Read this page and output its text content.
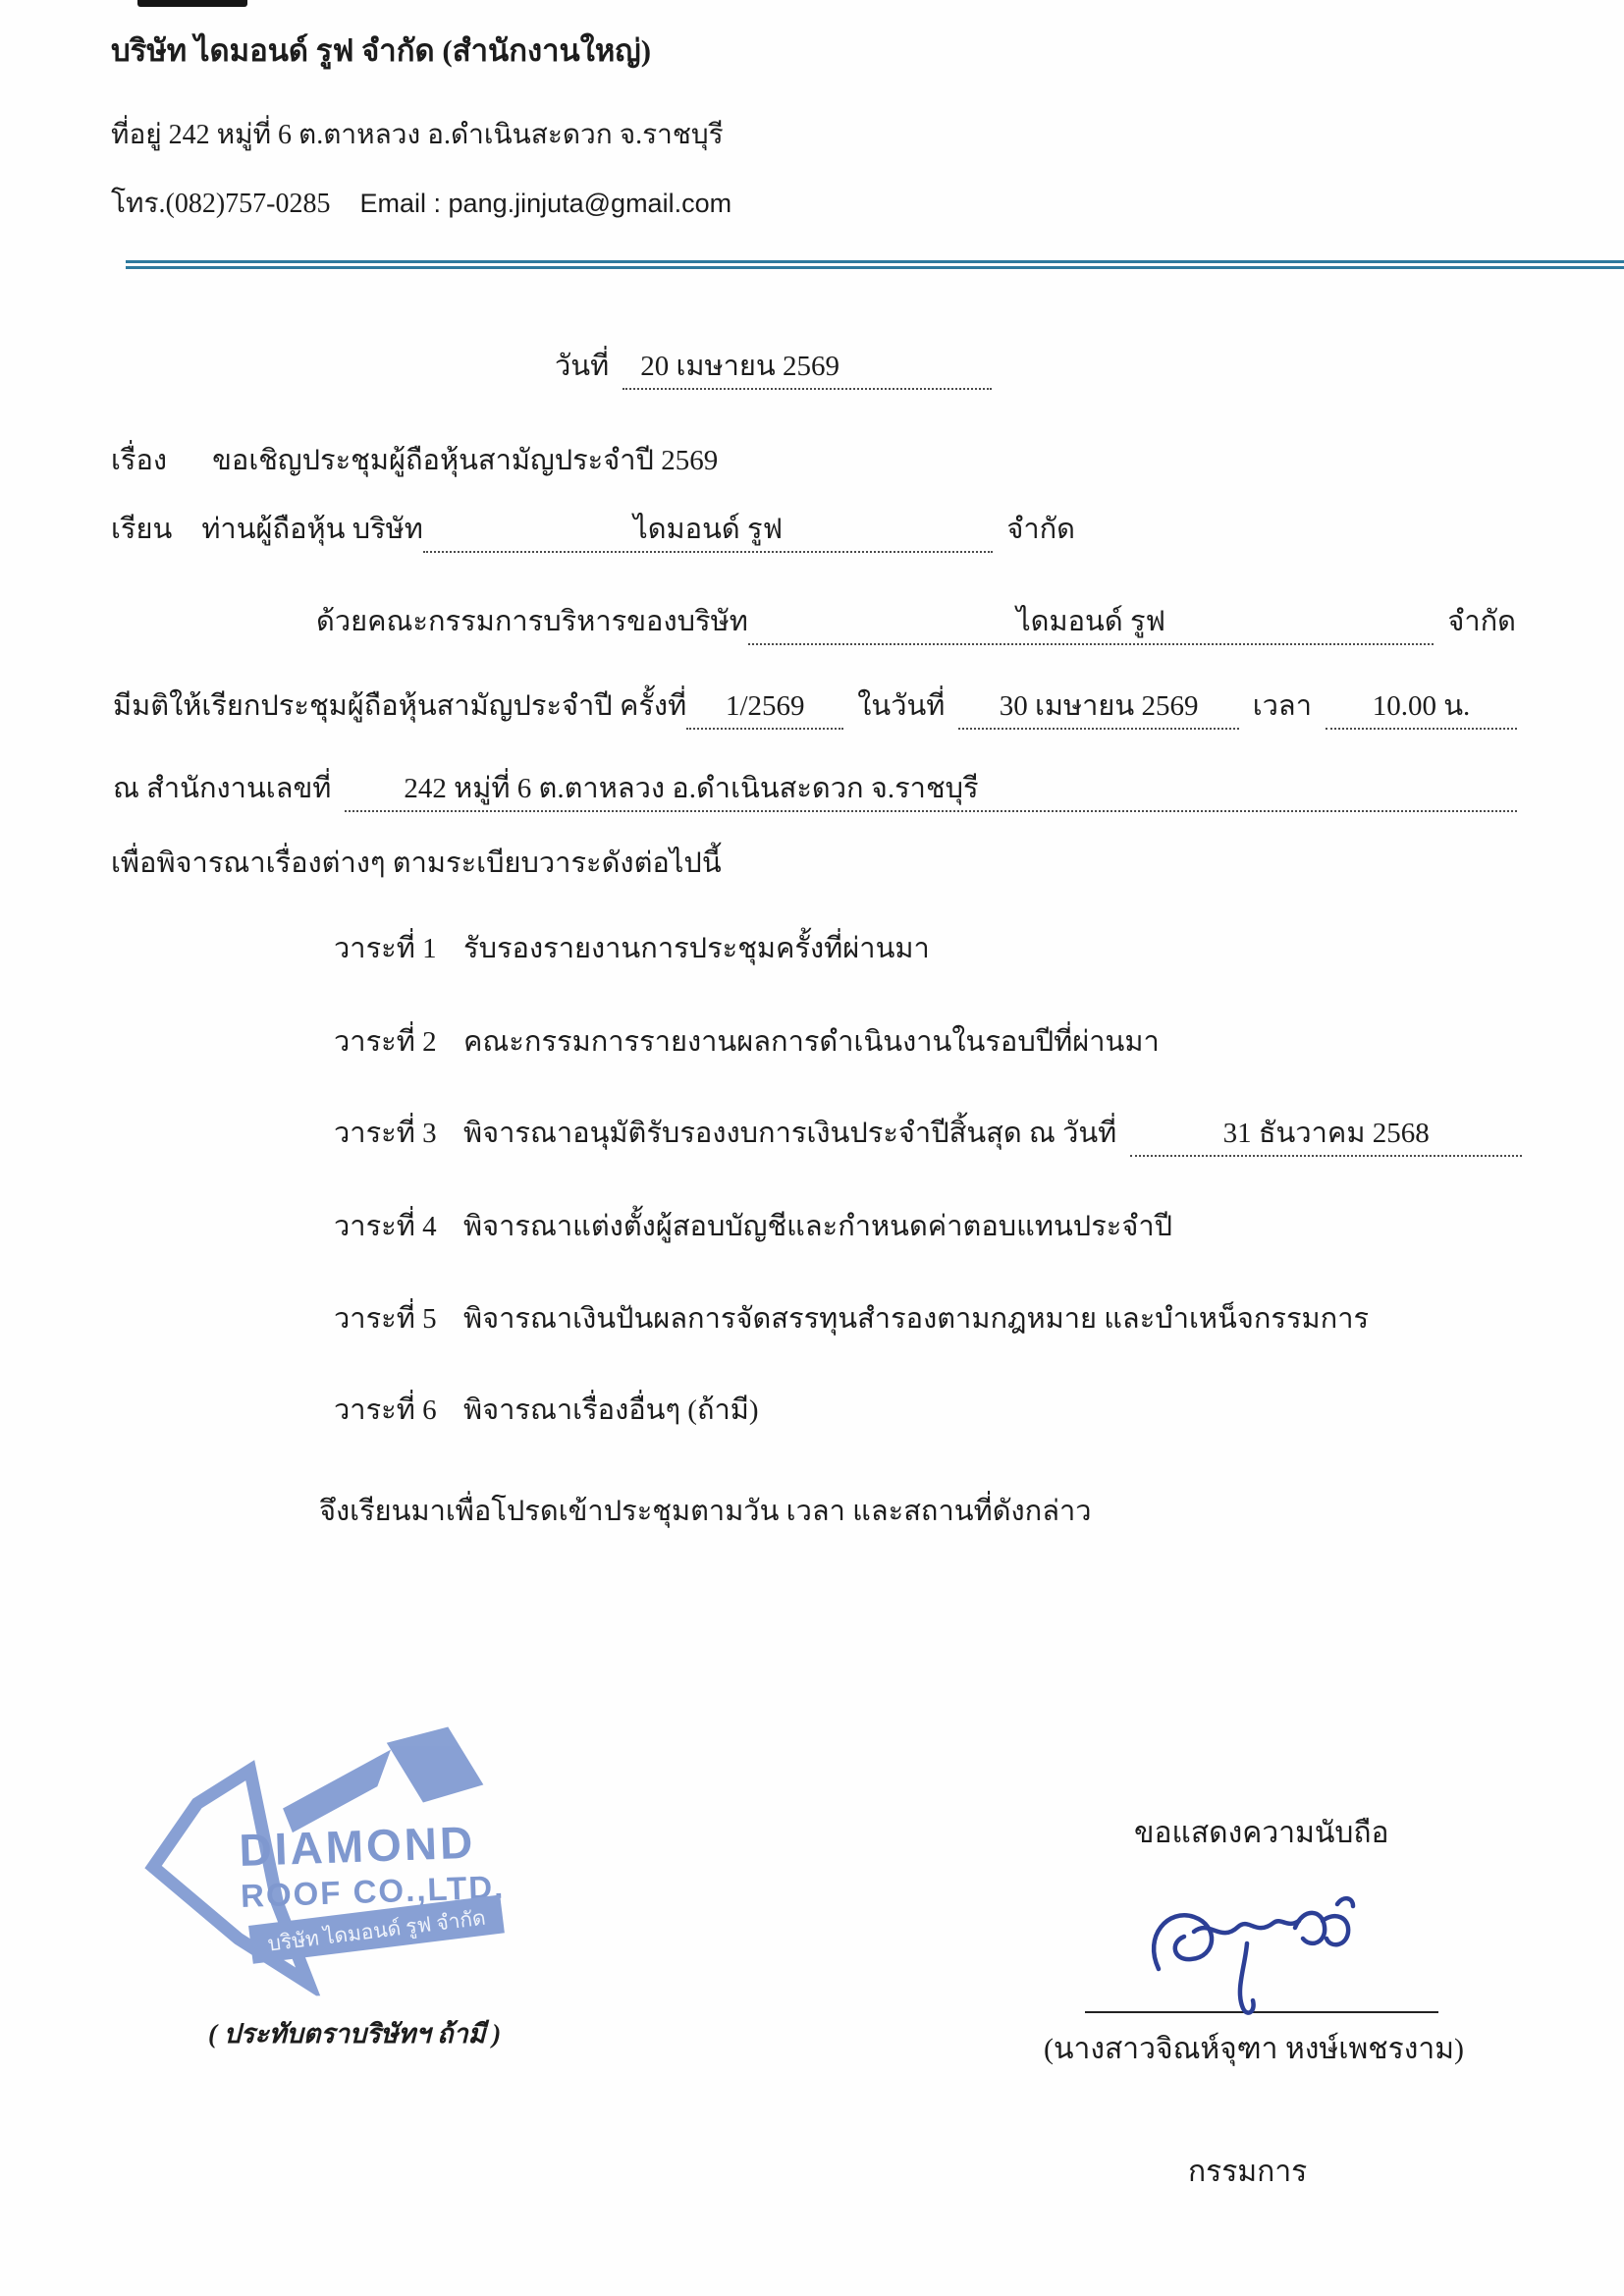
บริษัท ไดมอนด์ รูฟ จำกัด (สำนักงานใหญ่)
ที่อยู่ 242 หมู่ที่ 6 ต.ตาหลวง อ.ดำเนินสะดวก จ.ราชบุรี
โทร.(082)757-0285 Email : pang.jinjuta@gmail.com
วันที่	20 เมษายน 2569
เรื่อง ขอเชิญประชุมผู้ถือหุ้นสามัญประจำปี 2569
เรียน ท่านผู้ถือหุ้น บริษัท	ไดมอนด์ รูฟ	จำกัด
ด้วยคณะกรรมการบริหารของบริษัท	ไดมอนด์ รูฟ	จำกัด
มีมติให้เรียกประชุมผู้ถือหุ้นสามัญประจำปี ครั้งที่	1/2569	ในวันที่	30 เมษายน 2569	เวลา	10.00 น.
ณ สำนักงานเลขที่	242 หมู่ที่ 6 ต.ตาหลวง อ.ดำเนินสะดวก จ.ราชบุรี
เพื่อพิจารณาเรื่องต่างๆ ตามระเบียบวาระดังต่อไปนี้
วาระที่ 1 รับรองรายงานการประชุมครั้งที่ผ่านมา
วาระที่ 2 คณะกรรมการรายงานผลการดำเนินงานในรอบปีที่ผ่านมา
วาระที่ 3 พิจารณาอนุมัติรับรองงบการเงินประจำปีสิ้นสุด ณ วันที่	31 ธันวาคม 2568
วาระที่ 4 พิจารณาแต่งตั้งผู้สอบบัญชีและกำหนดค่าตอบแทนประจำปี
วาระที่ 5 พิจารณาเงินปันผลการจัดสรรทุนสำรองตามกฎหมาย และบำเหน็จกรรมการ
วาระที่ 6 พิจารณาเรื่องอื่นๆ (ถ้ามี)
จึงเรียนมาเพื่อโปรดเข้าประชุมตามวัน เวลา และสถานที่ดังกล่าว
ขอแสดงความนับถือ
DIAMOND
ROOF CO.,LTD.
บริษัท ไดมอนด์ รูฟ จำกัด
( ประทับตราบริษัทฯ ถ้ามี )	(นางสาวจิณห์จุฑา หงษ์เพชรงาม)
กรรมการ
